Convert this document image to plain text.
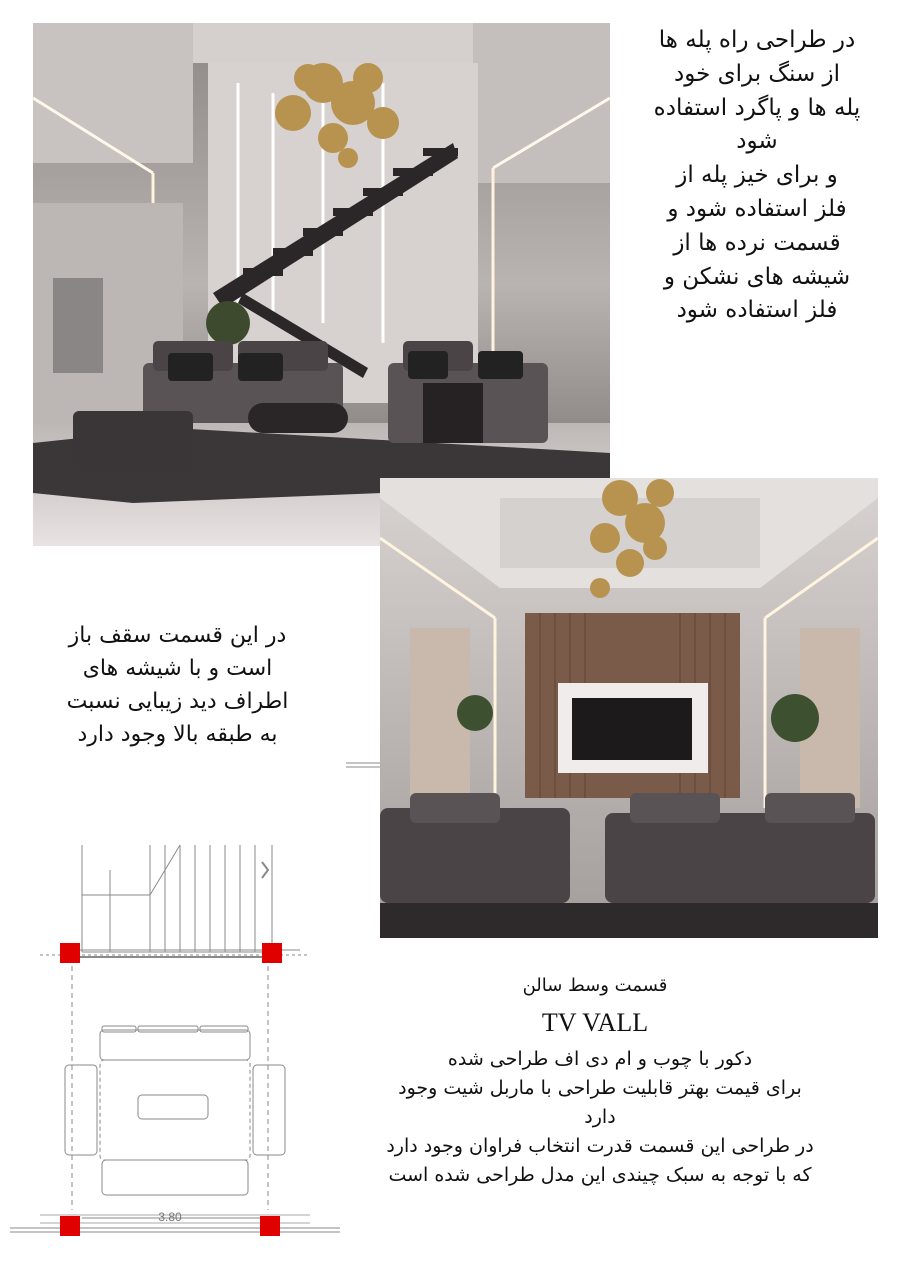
در طراحی راه پله ها
از سنگ برای خود
پله ها و پاگرد استفاده
شود
و برای خیز پله از
فلز استفاده شود و
قسمت نرده ها از
شیشه های نشکن و
فلز استفاده شود
در این قسمت سقف باز
است و با شیشه های
اطراف دید زیبایی نسبت
به طبقه بالا وجود دارد
3.80
قسمت وسط سالن
TV VALL
دکور با چوب و ام دی اف طراحی شده
برای قیمت بهتر قابلیت طراحی با ماربل شیت وجود
دارد
در طراحی این قسمت قدرت انتخاب فراوان وجود دارد
که با توجه به سبک چیندی این مدل طراحی شده است
